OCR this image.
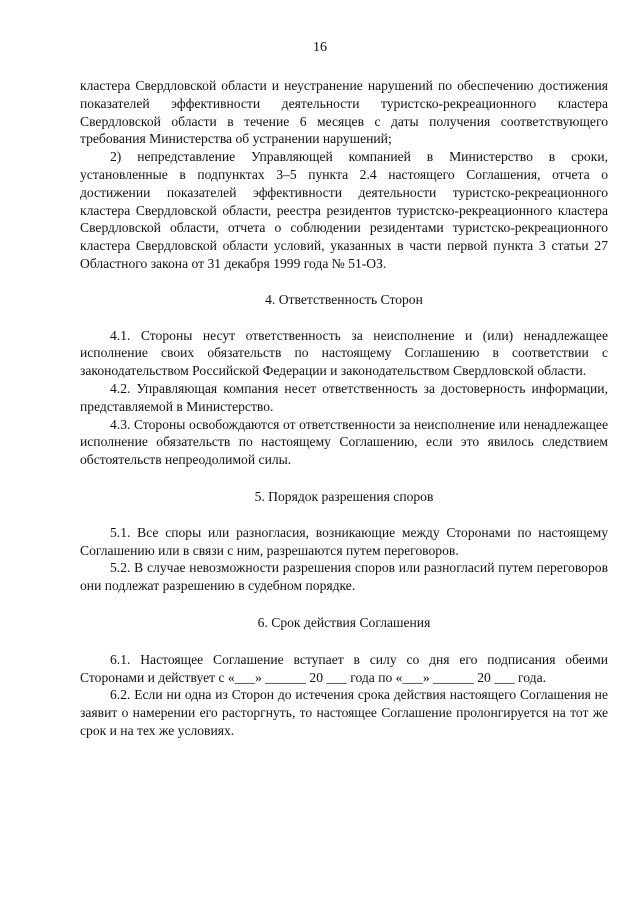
16

кластера Свердловской области и неустранение нарушений по обеспечению достижения показателей эффективности деятельности туристско-рекреационного кластера Свердловской области в течение 6 месяцев с даты получения соответствующего требования Министерства об устранении нарушений;

2) непредставление Управляющей компанией в Министерство в сроки, установленные в подпунктах 3–5 пункта 2.4 настоящего Соглашения, отчета о достижении показателей эффективности деятельности туристско-рекреационного кластера Свердловской области, реестра резидентов туристско-рекреационного кластера Свердловской области, отчета о соблюдении резидентами туристско-рекреационного кластера Свердловской области условий, указанных в части первой пункта 3 статьи 27 Областного закона от 31 декабря 1999 года № 51-ОЗ.

4. Ответственность Сторон

4.1. Стороны несут ответственность за неисполнение и (или) ненадлежащее исполнение своих обязательств по настоящему Соглашению в соответствии с законодательством Российской Федерации и законодательством Свердловской области.

4.2. Управляющая компания несет ответственность за достоверность информации, представляемой в Министерство.

4.3. Стороны освобождаются от ответственности за неисполнение или ненадлежащее исполнение обязательств по настоящему Соглашению, если это явилось следствием обстоятельств непреодолимой силы.

5. Порядок разрешения споров

5.1. Все споры или разногласия, возникающие между Сторонами по настоящему Соглашению или в связи с ним, разрешаются путем переговоров.

5.2. В случае невозможности разрешения споров или разногласий путем переговоров они подлежат разрешению в судебном порядке.

6. Срок действия Соглашения

6.1. Настоящее Соглашение вступает в силу со дня его подписания обеими Сторонами и действует с «___» ______ 20 ___ года по «___» ______ 20 ___ года.

6.2. Если ни одна из Сторон до истечения срока действия настоящего Соглашения не заявит о намерении его расторгнуть, то настоящее Соглашение пролонгируется на тот же срок и на тех же условиях.
